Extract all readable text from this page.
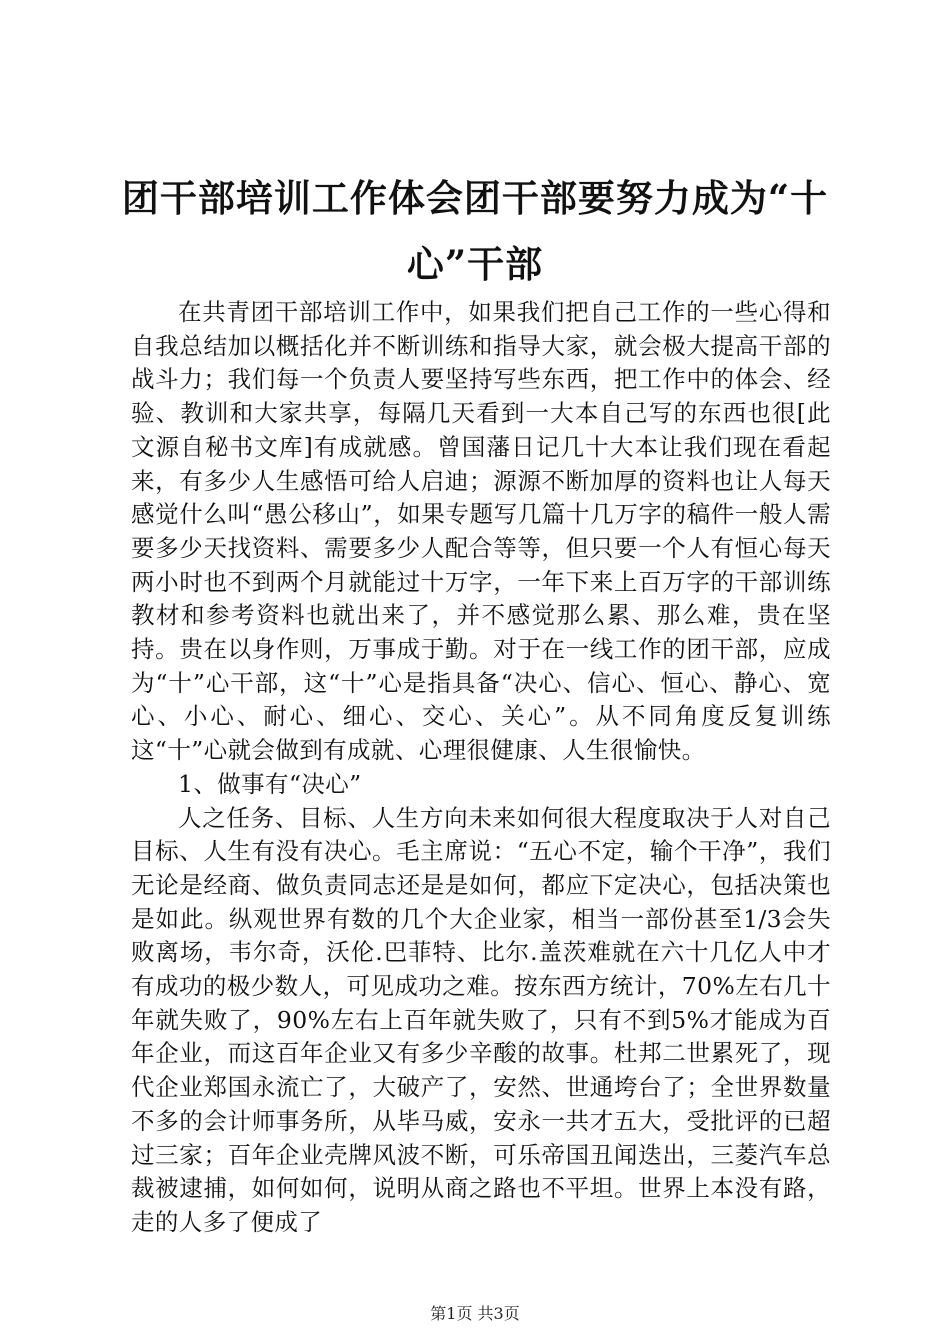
团干部培训工作体会团干部要努力成为“十心”干部

在共青团干部培训工作中，如果我们把自己工作的一些心得和自我总结加以概括化并不断训练和指导大家，就会极大提高干部的战斗力；我们每一个负责人要坚持写些东西，把工作中的体会、经验、教训和大家共享，每隔几天看到一大本自己写的东西也很[此文源自秘书文库]有成就感。曾国藩日记几十大本让我们现在看起来，有多少人生感悟可给人启迪；源源不断加厚的资料也让人每天感觉什么叫“愚公移山”，如果专题写几篇十几万字的稿件一般人需要多少天找资料、需要多少人配合等等，但只要一个人有恒心每天两小时也不到两个月就能过十万字，一年下来上百万字的干部训练教材和参考资料也就出来了，并不感觉那么累、那么难，贵在坚持。贵在以身作则，万事成于勤。对于在一线工作的团干部，应成为“十”心干部，这“十”心是指具备“决心、信心、恒心、静心、宽心、小心、耐心、细心、交心、关心”。从不同角度反复训练这“十”心就会做到有成就、心理很健康、人生很愉快。

1、做事有“决心”

人之任务、目标、人生方向未来如何很大程度取决于人对自己目标、人生有没有决心。毛主席说：“五心不定，输个干净”，我们无论是经商、做负责同志还是是如何，都应下定决心，包括决策也是如此。纵观世界有数的几个大企业家，相当一部份甚至1/3会失败离场，韦尔奇，沃伦.巴菲特、比尔.盖茨难就在六十几亿人中才有成功的极少数人，可见成功之难。按东西方统计，70%左右几十年就失败了，90%左右上百年就失败了，只有不到5%才能成为百年企业，而这百年企业又有多少辛酸的故事。杜邦二世累死了，现代企业郑国永流亡了，大破产了，安然、世通垮台了；全世界数量不多的会计师事务所，从毕马威，安永一共才五大，受批评的已超过三家；百年企业壳牌风波不断，可乐帝国丑闻迭出，三菱汽车总裁被逮捕，如何如何，说明从商之路也不平坦。世界上本没有路，走的人多了便成了

第1页 共3页
